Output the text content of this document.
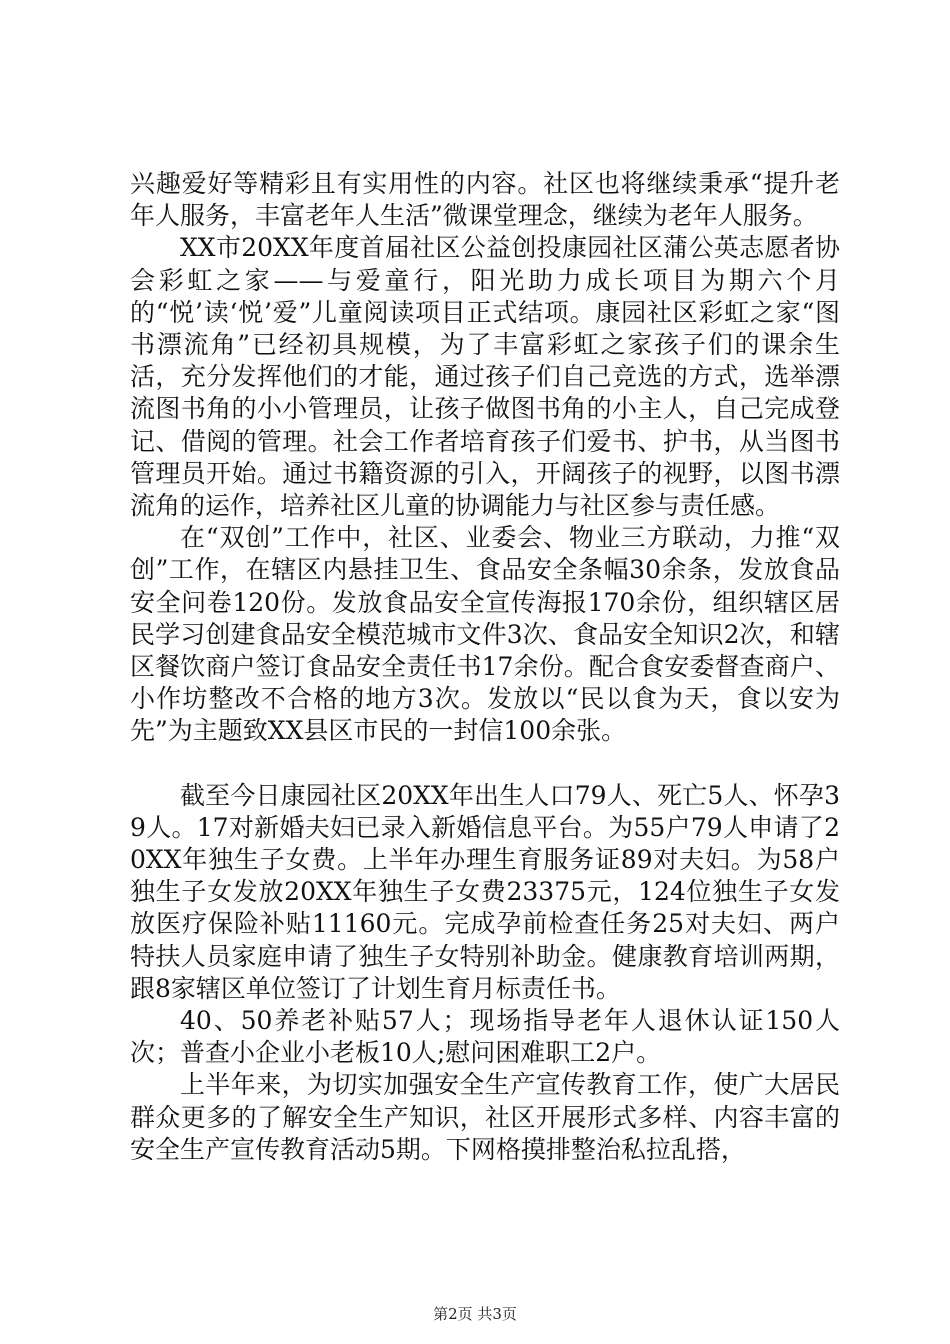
兴趣爱好等精彩且有实用性的内容。社区也将继续秉承“提升老年人服务，丰富老年人生活”微课堂理念，继续为老年人服务。

XX市20XX年度首届社区公益创投康园社区蒲公英志愿者协会彩虹之家——与爱童行，阳光助力成长项目为期六个月的“悦’读‘悦’爱”儿童阅读项目正式结项。康园社区彩虹之家“图书漂流角”已经初具规模，为了丰富彩虹之家孩子们的课余生活，充分发挥他们的才能，通过孩子们自己竞选的方式，选举漂流图书角的小小管理员，让孩子做图书角的小主人，自己完成登记、借阅的管理。社会工作者培育孩子们爱书、护书，从当图书管理员开始。通过书籍资源的引入，开阔孩子的视野，以图书漂流角的运作，培养社区儿童的协调能力与社区参与责任感。

在“双创”工作中，社区、业委会、物业三方联动，力推“双创”工作，在辖区内悬挂卫生、食品安全条幅30余条，发放食品安全问卷120份。发放食品安全宣传海报170余份，组织辖区居民学习创建食品安全模范城市文件3次、食品安全知识2次，和辖区餐饮商户签订食品安全责任书17余份。配合食安委督查商户、小作坊整改不合格的地方3次。发放以“民以食为天，食以安为先”为主题致XX县区市民的一封信100余张。

截至今日康园社区20XX年出生人口79人、死亡5人、怀孕39人。17对新婚夫妇已录入新婚信息平台。为55户79人申请了20XX年独生子女费。上半年办理生育服务证89对夫妇。为58户独生子女发放20XX年独生子女费23375元，124位独生子女发放医疗保险补贴11160元。完成孕前检查任务25对夫妇、两户特扶人员家庭申请了独生子女特别补助金。健康教育培训两期，跟8家辖区单位签订了计划生育月标责任书。

40、50养老补贴57人；现场指导老年人退休认证150人次；普查小企业小老板10人;慰问困难职工2户。

上半年来，为切实加强安全生产宣传教育工作，使广大居民群众更多的了解安全生产知识，社区开展形式多样、内容丰富的安全生产宣传教育活动5期。下网格摸排整治私拉乱搭，

第2页 共3页
